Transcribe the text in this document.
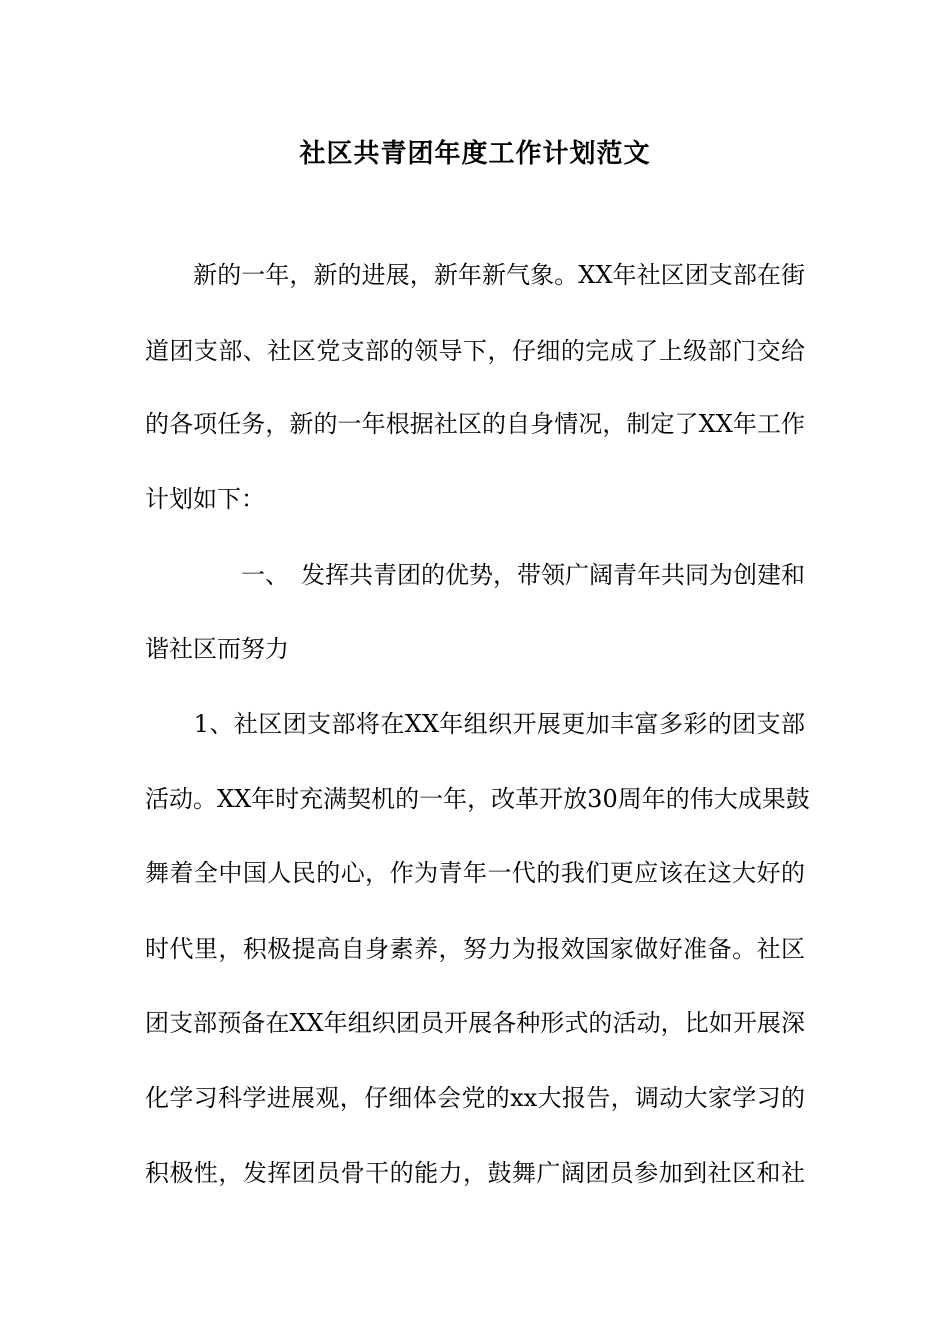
社区共青团年度工作计划范文
　　新的一年，新的进展，新年新气象。XX年社区团支部在街
道团支部、社区党支部的领导下，仔细的完成了上级部门交给
的各项任务，新的一年根据社区的自身情况，制定了XX年工作
计划如下：
　　　　一、　发挥共青团的优势，带领广阔青年共同为创建和
谐社区而努力
　　1、社区团支部将在XX年组织开展更加丰富多彩的团支部
活动。XX年时充满契机的一年，改革开放30周年的伟大成果鼓
舞着全中国人民的心，作为青年一代的我们更应该在这大好的
时代里，积极提高自身素养，努力为报效国家做好准备。社区
团支部预备在XX年组织团员开展各种形式的活动，比如开展深
化学习科学进展观，仔细体会党的xx大报告，调动大家学习的
积极性，发挥团员骨干的能力，鼓舞广阔团员参加到社区和社
